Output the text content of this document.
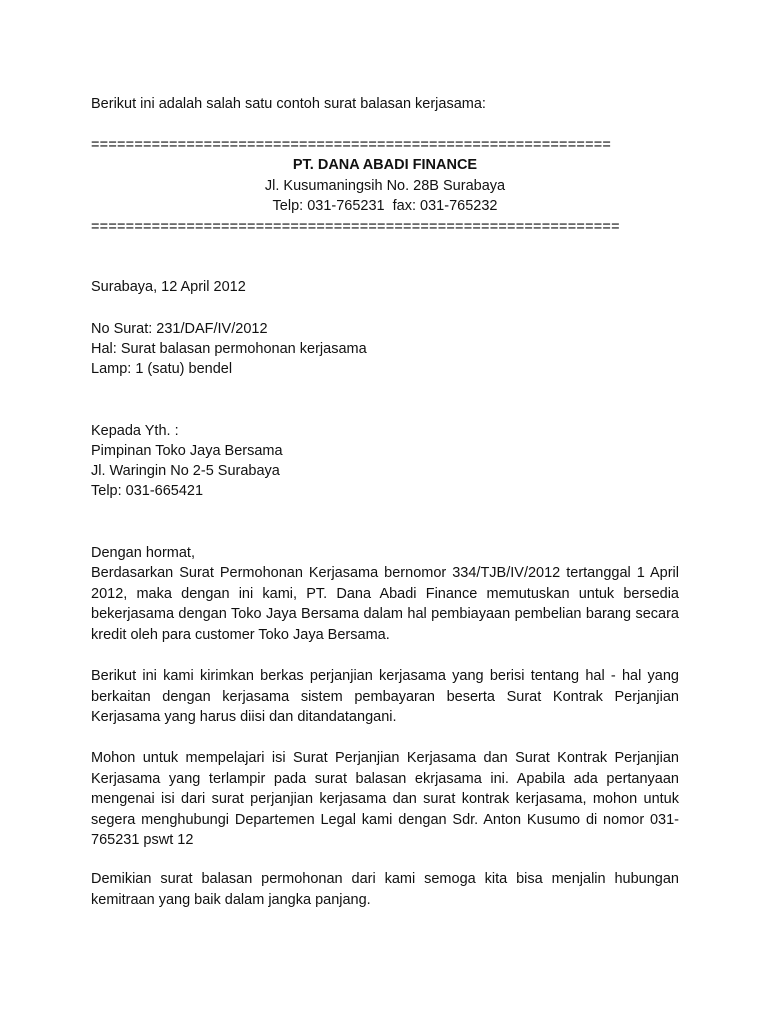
Berikut ini adalah salah satu contoh surat balasan kerjasama:
============================================================
PT. DANA ABADI FINANCE
Jl. Kusumaningsih No. 28B Surabaya
Telp: 031-765231  fax: 031-765232
=============================================================
Surabaya, 12 April 2012
No Surat: 231/DAF/IV/2012
Hal: Surat balasan permohonan kerjasama
Lamp: 1 (satu) bendel
Kepada Yth. :
Pimpinan Toko Jaya Bersama
Jl. Waringin No 2-5 Surabaya
Telp: 031-665421
Dengan hormat,
Berdasarkan Surat Permohonan Kerjasama bernomor 334/TJB/IV/2012 tertanggal 1 April
2012, maka dengan ini kami, PT. Dana Abadi Finance memutuskan untuk bersedia
bekerjasama dengan Toko Jaya Bersama dalam hal pembiayaan pembelian barang secara
kredit oleh para customer Toko Jaya Bersama.
Berikut ini kami kirimkan berkas perjanjian kerjasama yang berisi tentang hal - hal yang
berkaitan dengan kerjasama sistem pembayaran beserta Surat Kontrak Perjanjian
Kerjasama yang harus diisi dan ditandatangani.
Mohon untuk mempelajari isi Surat Perjanjian Kerjasama dan Surat Kontrak Perjanjian
Kerjasama yang terlampir pada surat balasan ekrjasama ini. Apabila ada pertanyaan
mengenai isi dari surat perjanjian kerjasama dan surat kontrak kerjasama, mohon untuk
segera menghubungi Departemen Legal kami dengan Sdr. Anton Kusumo di nomor 031-
765231 pswt 12
Demikian surat balasan permohonan dari kami semoga kita bisa menjalin hubungan
kemitraan yang baik dalam jangka panjang.
